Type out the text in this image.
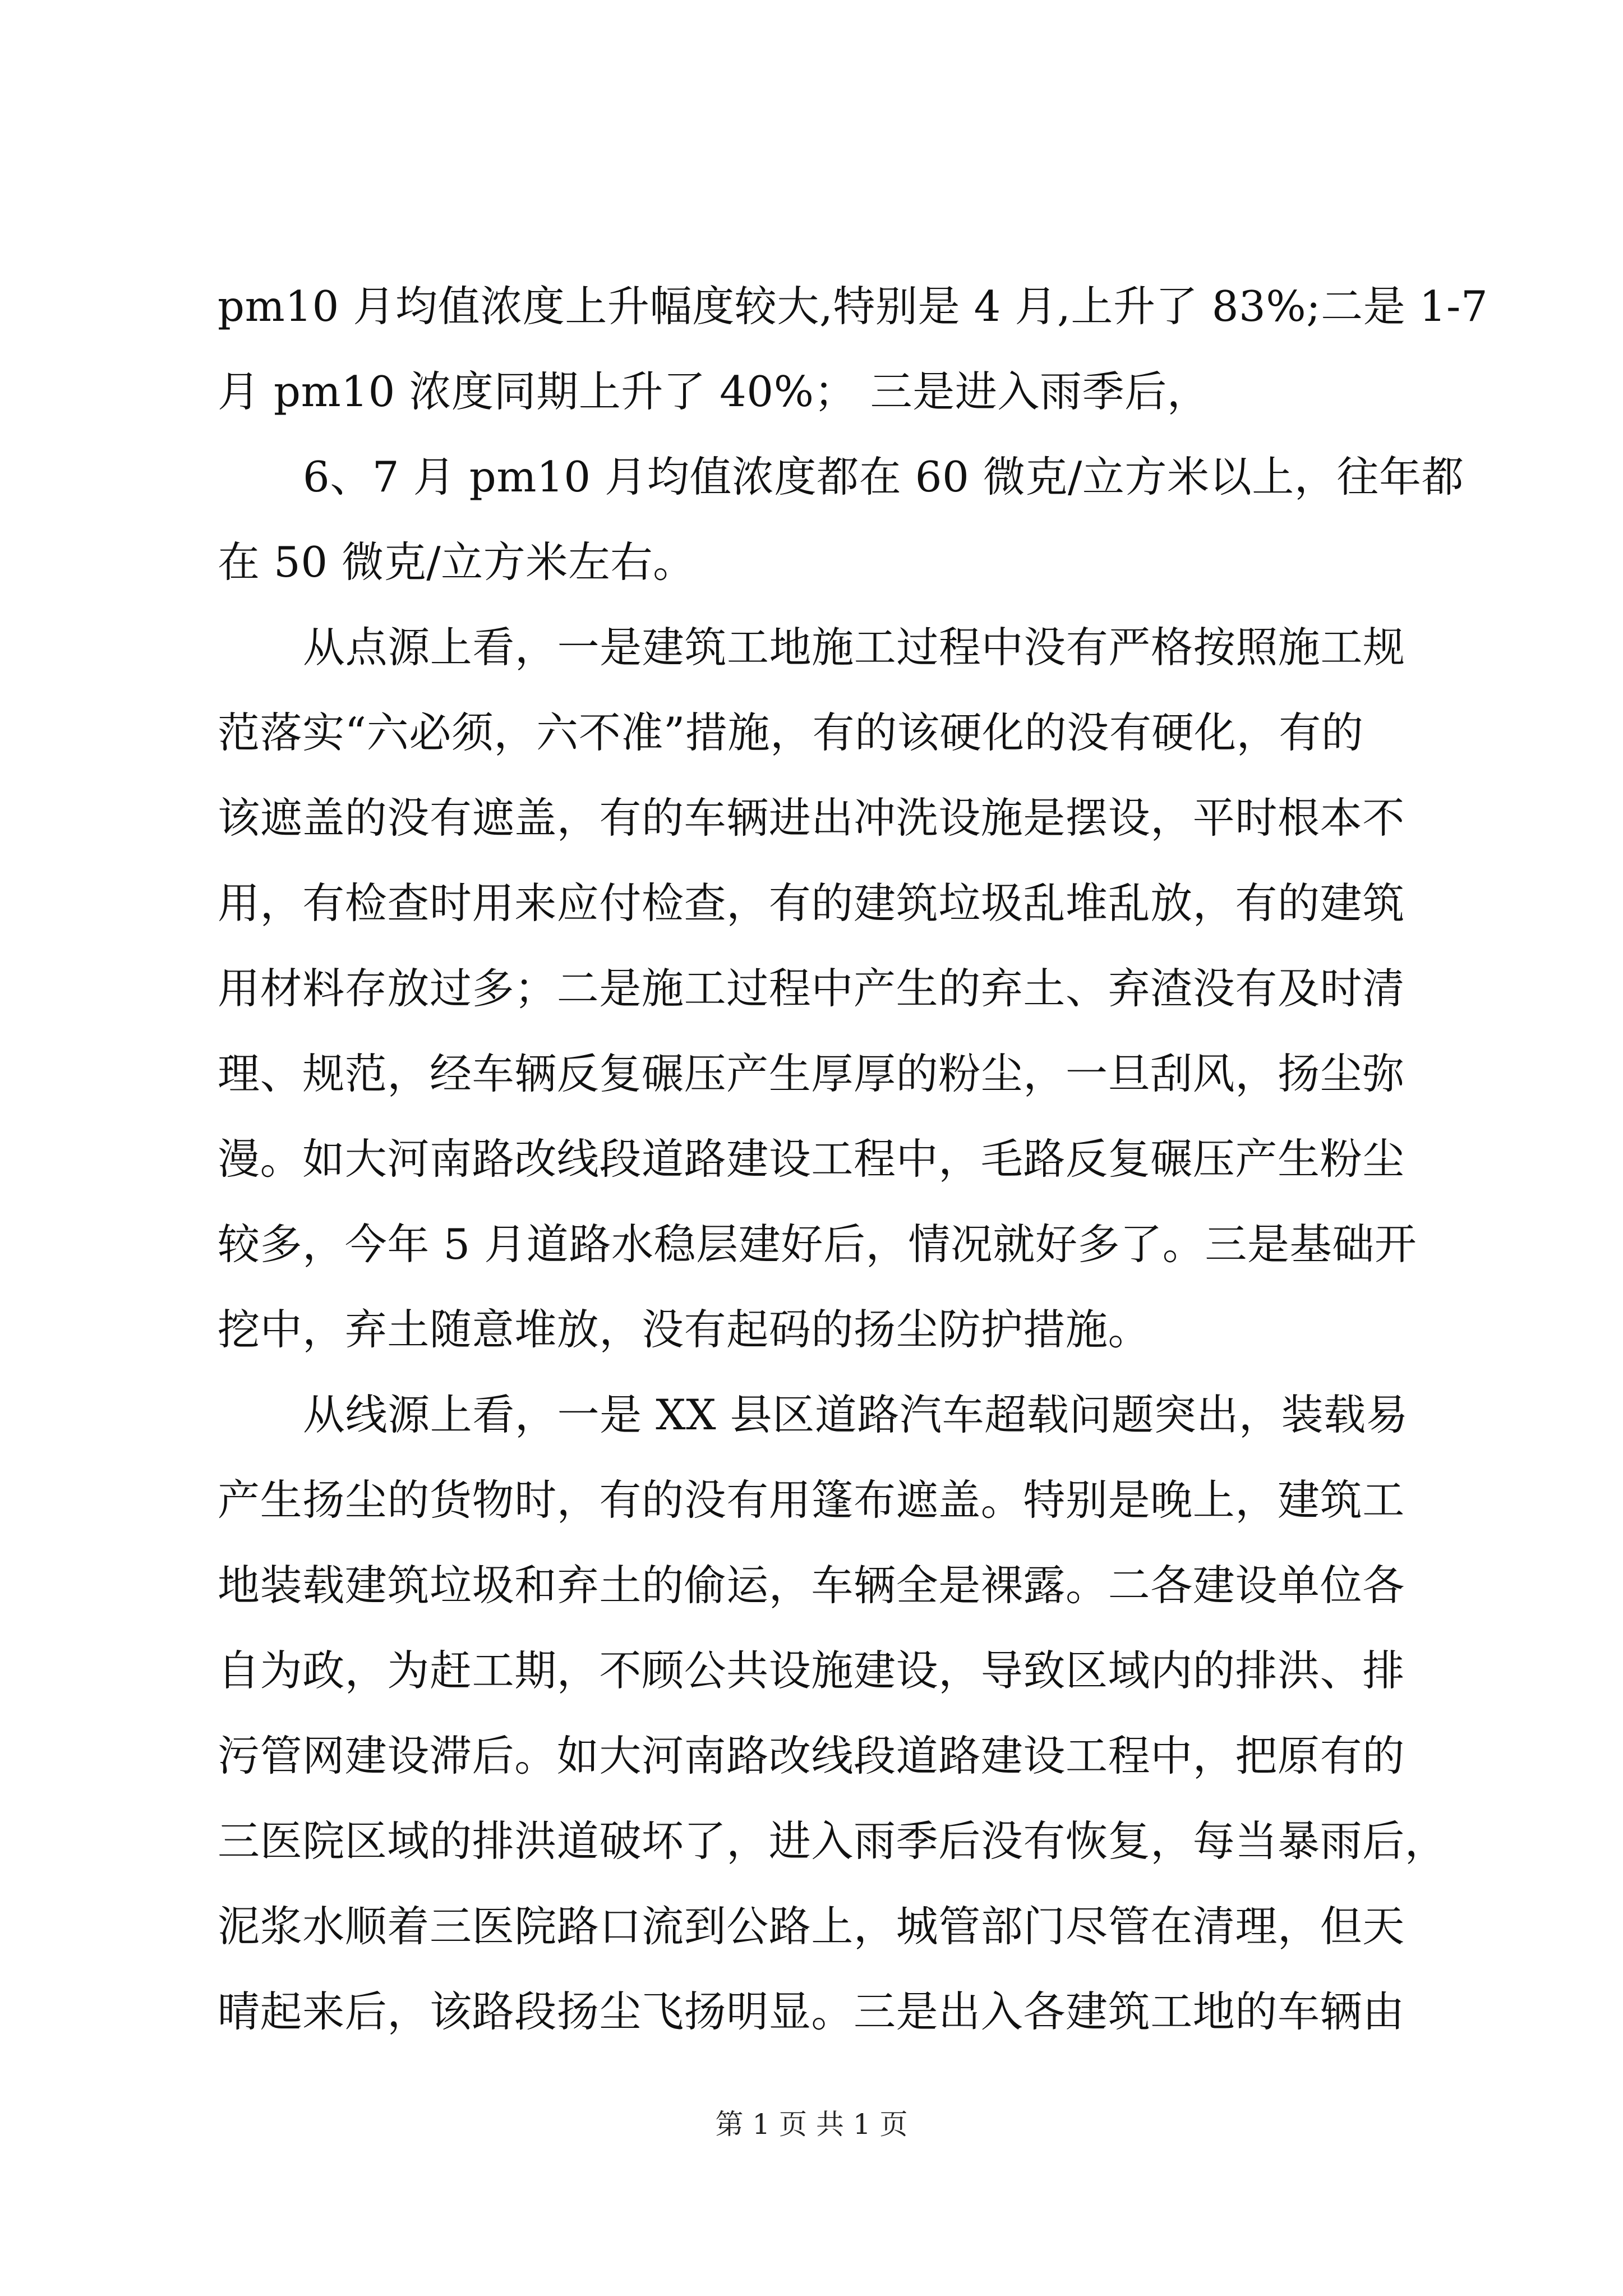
pm10 月均值浓度上升幅度较大,特别是 4 月,上升了 83%;二是 1-7
月 pm10 浓度同期上升了 40%； 三是进入雨季后，
6、7 月 pm10 月均值浓度都在 60 微克/立方米以上，往年都
在 50 微克/立方米左右。
从点源上看，一是建筑工地施工过程中没有严格按照施工规
范落实“六必须，六不准”措施，有的该硬化的没有硬化，有的
该遮盖的没有遮盖，有的车辆进出冲洗设施是摆设，平时根本不
用，有检查时用来应付检查，有的建筑垃圾乱堆乱放，有的建筑
用材料存放过多；二是施工过程中产生的弃土、弃渣没有及时清
理、规范，经车辆反复碾压产生厚厚的粉尘，一旦刮风，扬尘弥
漫。如大河南路改线段道路建设工程中，毛路反复碾压产生粉尘
较多，今年 5 月道路水稳层建好后，情况就好多了。三是基础开
挖中，弃土随意堆放，没有起码的扬尘防护措施。
从线源上看，一是 XX 县区道路汽车超载问题突出，装载易
产生扬尘的货物时，有的没有用篷布遮盖。特别是晚上，建筑工
地装载建筑垃圾和弃土的偷运，车辆全是裸露。二各建设单位各
自为政，为赶工期，不顾公共设施建设，导致区域内的排洪、排
污管网建设滞后。如大河南路改线段道路建设工程中，把原有的
三医院区域的排洪道破坏了，进入雨季后没有恢复，每当暴雨后，
泥浆水顺着三医院路口流到公路上，城管部门尽管在清理，但天
晴起来后，该路段扬尘飞扬明显。三是出入各建筑工地的车辆由
第 1 页 共 1 页
